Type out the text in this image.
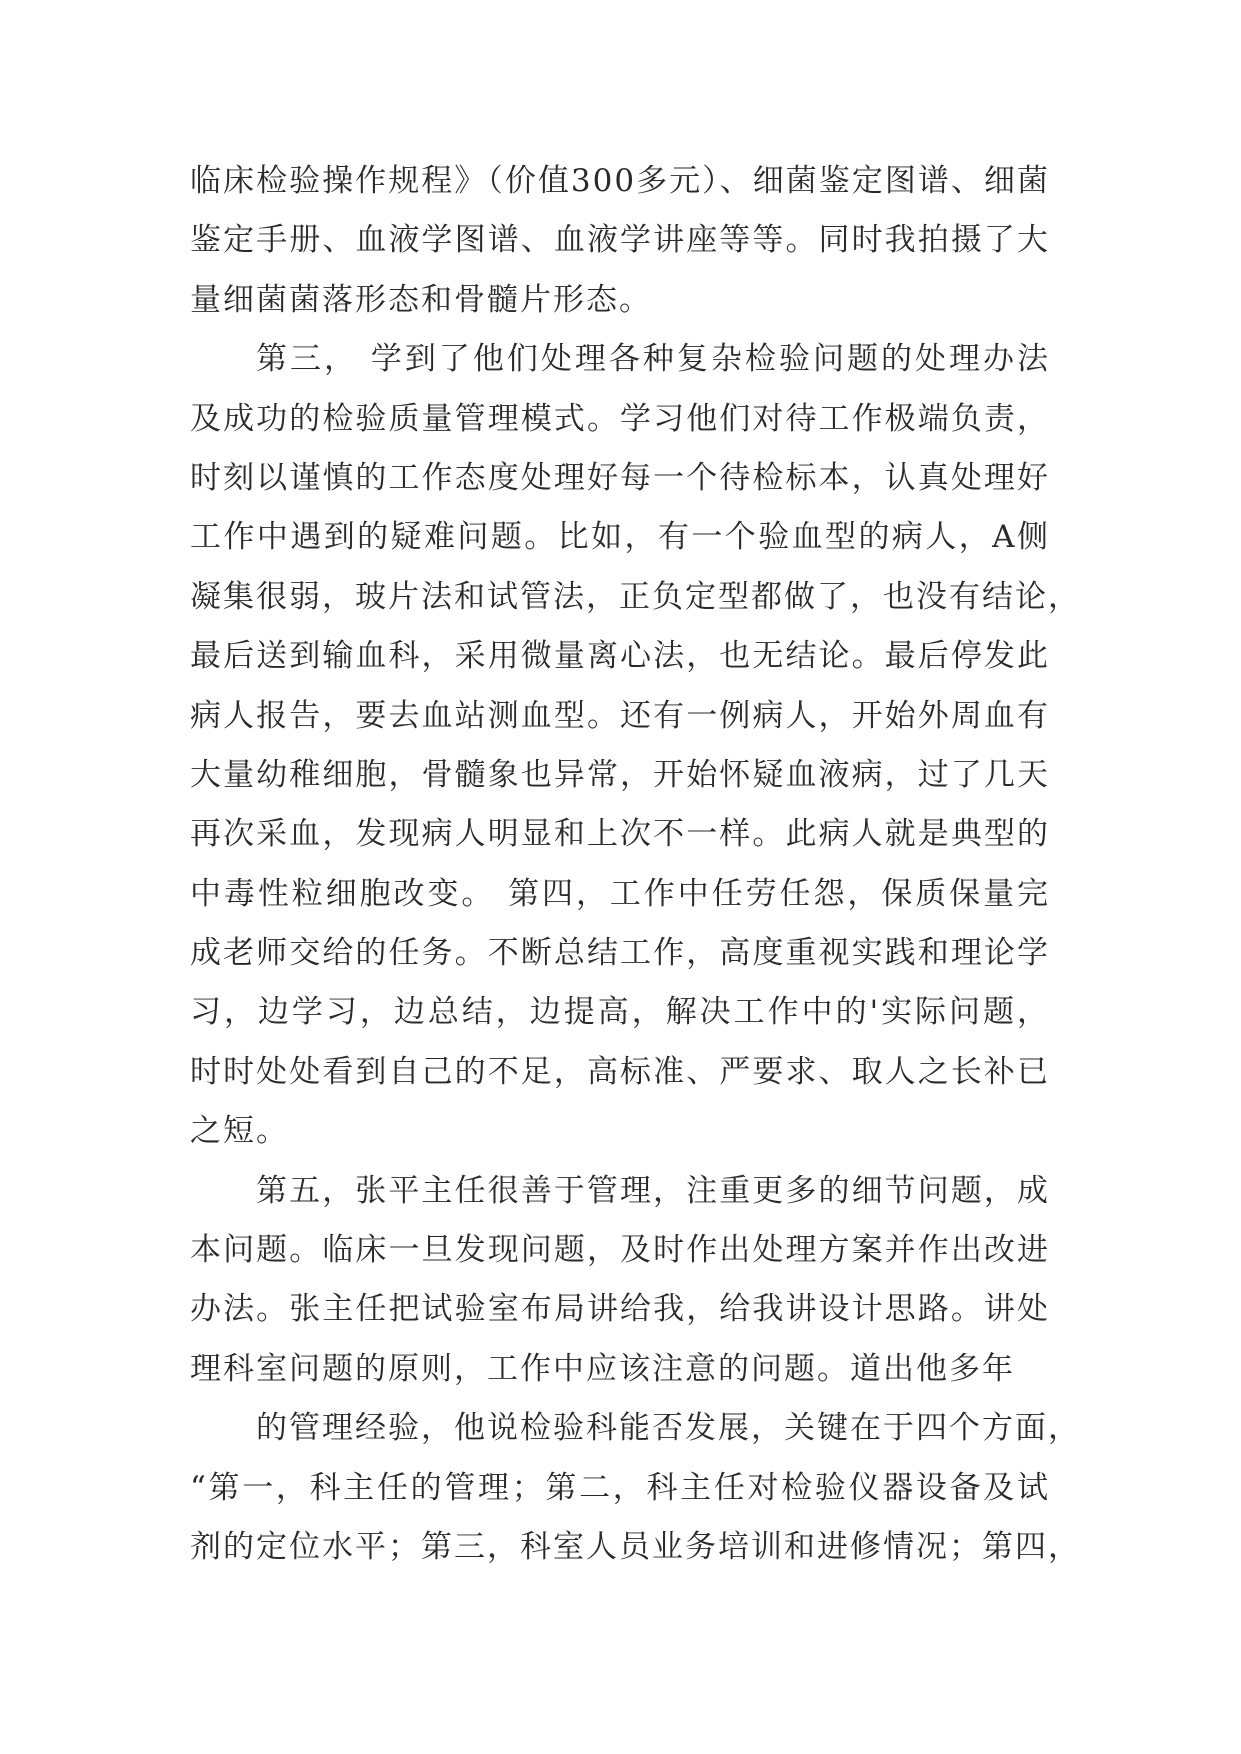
临床检验操作规程》（价值300多元）、细菌鉴定图谱、细菌
鉴定手册、血液学图谱、血液学讲座等等。同时我拍摄了大
量细菌菌落形态和骨髓片形态。
第三， 学到了他们处理各种复杂检验问题的处理办法
及成功的检验质量管理模式。学习他们对待工作极端负责，
时刻以谨慎的工作态度处理好每一个待检标本，认真处理好
工作中遇到的疑难问题。比如，有一个验血型的病人，A侧
凝集很弱，玻片法和试管法，正负定型都做了，也没有结论，
最后送到输血科，采用微量离心法，也无结论。最后停发此
病人报告，要去血站测血型。还有一例病人，开始外周血有
大量幼稚细胞，骨髓象也异常，开始怀疑血液病，过了几天
再次采血，发现病人明显和上次不一样。此病人就是典型的
中毒性粒细胞改变。 第四，工作中任劳任怨，保质保量完
成老师交给的任务。不断总结工作，高度重视实践和理论学
习，边学习，边总结，边提高，解决工作中的'实际问题，
时时处处看到自己的不足，高标准、严要求、取人之长补已
之短。
第五，张平主任很善于管理，注重更多的细节问题，成
本问题。临床一旦发现问题，及时作出处理方案并作出改进
办法。张主任把试验室布局讲给我，给我讲设计思路。讲处
理科室问题的原则，工作中应该注意的问题。道出他多年
的管理经验，他说检验科能否发展，关键在于四个方面，
“第一，科主任的管理；第二，科主任对检验仪器设备及试
剂的定位水平；第三，科室人员业务培训和进修情况；第四，
